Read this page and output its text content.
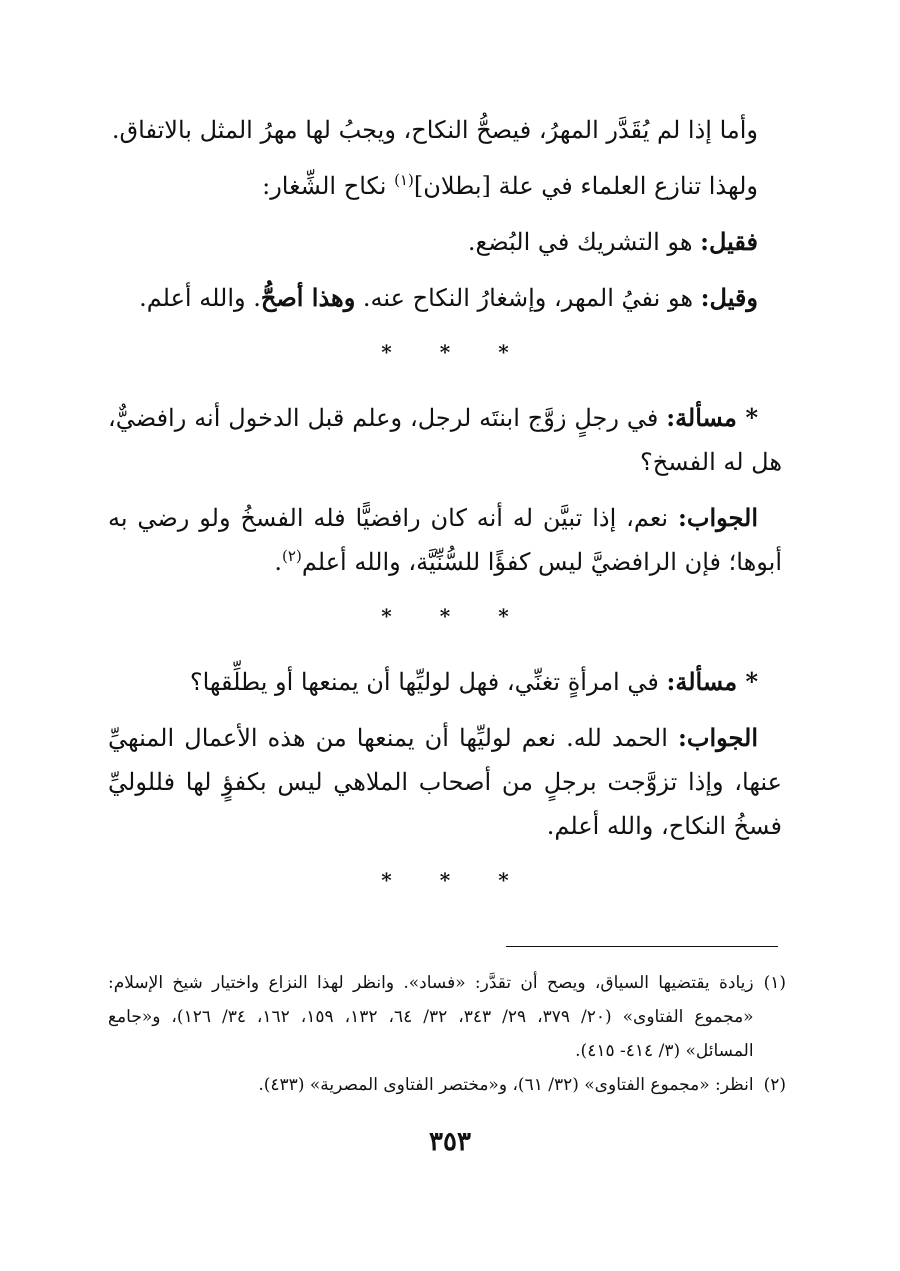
وأما إذا لم يُقَدَّر المهرُ، فيصحُّ النكاح، ويجبُ لها مهرُ المثل بالاتفاق.

ولهذا تنازع العلماء في علة [بطلان]$^{(١)}$ نكاح الشِّغار:

فقيل: هو التشريك في البُضع.

وقيل: هو نفيُ المهر، وإشغارُ النكاح عنه. وهذا أصحُّ. والله أعلم.

*
*
*

* مسألة: في رجلٍ زوَّج ابنتَه لرجل، وعلم قبل الدخول أنه رافضيٌّ، هل له الفسخ؟

الجواب: نعم، إذا تبيَّن له أنه كان رافضيًّا فله الفسخُ ولو رضي به أبوها؛ فإن الرافضيَّ ليس كفؤًا للسُّنِّيَّة، والله أعلم$^{(٢)}$.

*
*
*

* مسألة: في امرأةٍ تغنِّي، فهل لوليِّها أن يمنعها أو يطلِّقها؟

الجواب: الحمد لله. نعم لوليِّها أن يمنعها من هذه الأعمال المنهيِّ عنها، وإذا تزوَّجت برجلٍ من أصحاب الملاهي ليس بكفؤٍ لها فللوليِّ فسخُ النكاح، والله أعلم.

*
*
*
(١)
زيادة يقتضيها السياق، ويصح أن تقدَّر: «فساد». وانظر لهذا النزاع واختيار شيخ الإسلام: «مجموع الفتاوى» (٢٠/ ٣٧٩، ٢٩/ ٣٤٣، ٣٢/ ٦٤، ١٣٢، ١٥٩، ١٦٢، ٣٤/ ١٢٦)، و«جامع المسائل» (٣/ ٤١٤- ٤١٥).
(٢)
انظر: «مجموع الفتاوى» (٣٢/ ٦١)، و«مختصر الفتاوى المصرية» (٤٣٣).
٣٥٣
